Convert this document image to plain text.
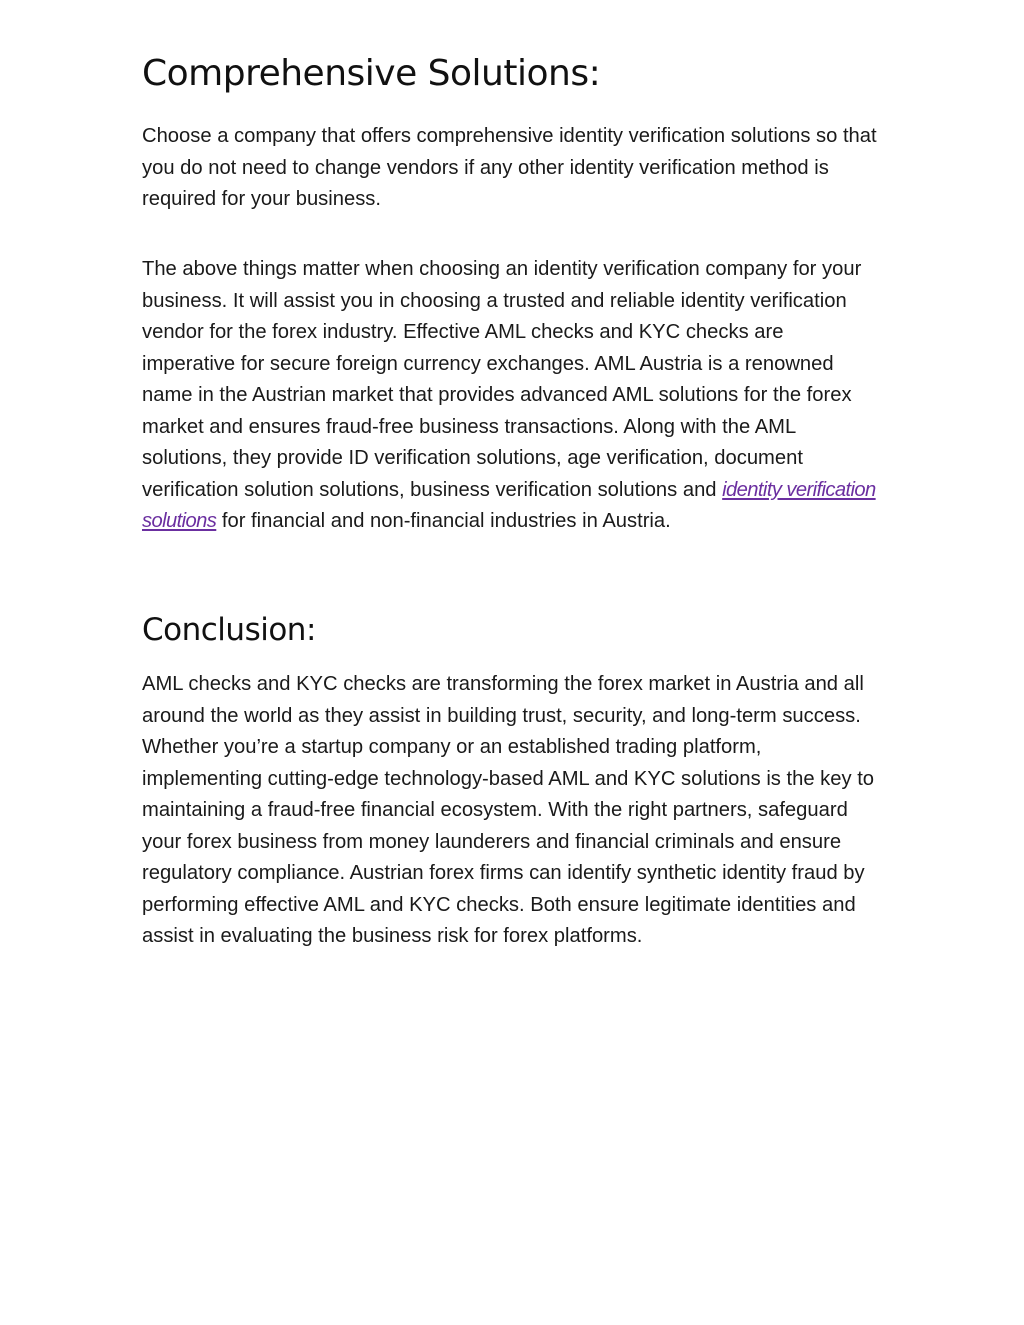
Comprehensive Solutions:

Choose a company that offers comprehensive identity verification solutions so that you do not need to change vendors if any other identity verification method is required for your business.

The above things matter when choosing an identity verification company for your business. It will assist you in choosing a trusted and reliable identity verification vendor for the forex industry. Effective AML checks and KYC checks are imperative for secure foreign currency exchanges. AML Austria is a renowned name in the Austrian market that provides advanced AML solutions for the forex market and ensures fraud-free business transactions. Along with the AML solutions, they provide ID verification solutions, age verification, document verification solution solutions, business verification solutions and identity verification solutions for financial and non-financial industries in Austria.

Conclusion:

AML checks and KYC checks are transforming the forex market in Austria and all around the world as they assist in building trust, security, and long-term success. Whether you’re a startup company or an established trading platform, implementing cutting-edge technology-based AML and KYC solutions is the key to maintaining a fraud-free financial ecosystem. With the right partners, safeguard your forex business from money launderers and financial criminals and ensure regulatory compliance. Austrian forex firms can identify synthetic identity fraud by performing effective AML and KYC checks. Both ensure legitimate identities and assist in evaluating the business risk for forex platforms.
